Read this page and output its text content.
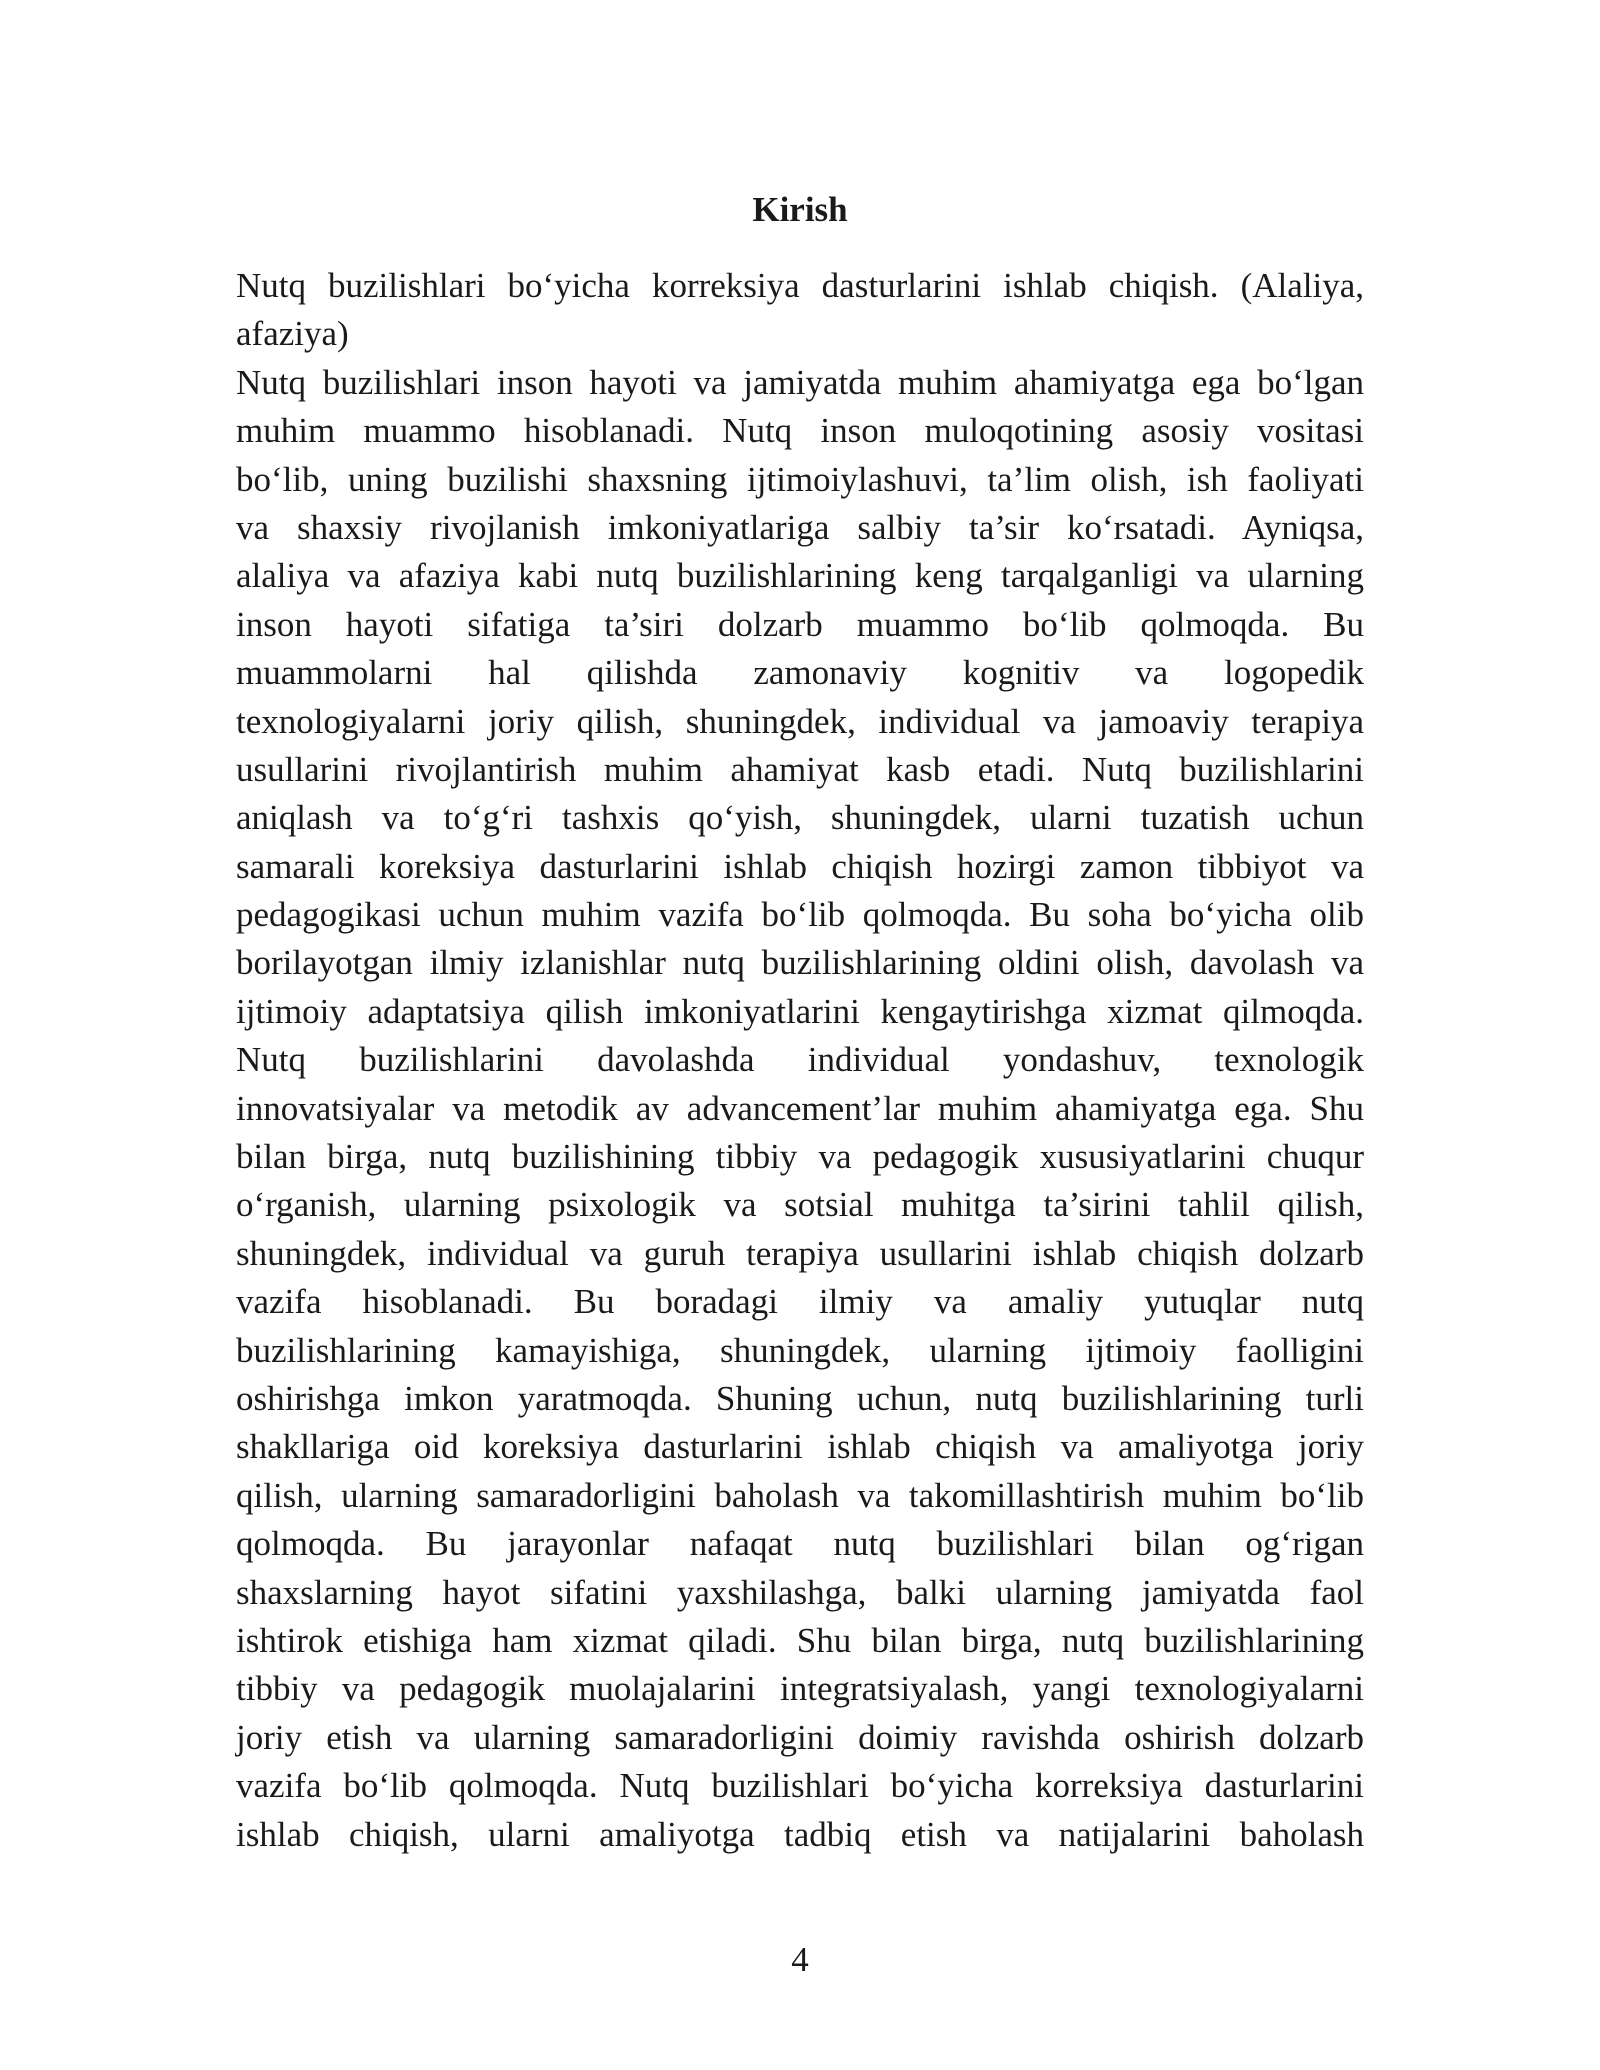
Kirish
Nutq buzilishlari bo‘yicha korreksiya dasturlarini ishlab chiqish. (Alaliya,
afaziya)
Nutq buzilishlari inson hayoti va jamiyatda muhim ahamiyatga ega bo‘lgan
muhim muammo hisoblanadi. Nutq inson muloqotining asosiy vositasi
bo‘lib, uning buzilishi shaxsning ijtimoiylashuvi, ta’lim olish, ish faoliyati
va shaxsiy rivojlanish imkoniyatlariga salbiy ta’sir ko‘rsatadi. Ayniqsa,
alaliya va afaziya kabi nutq buzilishlarining keng tarqalganligi va ularning
inson hayoti sifatiga ta’siri dolzarb muammo bo‘lib qolmoqda. Bu
muammolarni hal qilishda zamonaviy kognitiv va logopedik
texnologiyalarni joriy qilish, shuningdek, individual va jamoaviy terapiya
usullarini rivojlantirish muhim ahamiyat kasb etadi. Nutq buzilishlarini
aniqlash va to‘g‘ri tashxis qo‘yish, shuningdek, ularni tuzatish uchun
samarali koreksiya dasturlarini ishlab chiqish hozirgi zamon tibbiyot va
pedagogikasi uchun muhim vazifa bo‘lib qolmoqda. Bu soha bo‘yicha olib
borilayotgan ilmiy izlanishlar nutq buzilishlarining oldini olish, davolash va
ijtimoiy adaptatsiya qilish imkoniyatlarini kengaytirishga xizmat qilmoqda.
Nutq buzilishlarini davolashda individual yondashuv, texnologik
innovatsiyalar va metodik av advancement’lar muhim ahamiyatga ega. Shu
bilan birga, nutq buzilishining tibbiy va pedagogik xususiyatlarini chuqur
o‘rganish, ularning psixologik va sotsial muhitga ta’sirini tahlil qilish,
shuningdek, individual va guruh terapiya usullarini ishlab chiqish dolzarb
vazifa hisoblanadi. Bu boradagi ilmiy va amaliy yutuqlar nutq
buzilishlarining kamayishiga, shuningdek, ularning ijtimoiy faolligini
oshirishga imkon yaratmoqda. Shuning uchun, nutq buzilishlarining turli
shakllariga oid koreksiya dasturlarini ishlab chiqish va amaliyotga joriy
qilish, ularning samaradorligini baholash va takomillashtirish muhim bo‘lib
qolmoqda. Bu jarayonlar nafaqat nutq buzilishlari bilan og‘rigan
shaxslarning hayot sifatini yaxshilashga, balki ularning jamiyatda faol
ishtirok etishiga ham xizmat qiladi. Shu bilan birga, nutq buzilishlarining
tibbiy va pedagogik muolajalarini integratsiyalash, yangi texnologiyalarni
joriy etish va ularning samaradorligini doimiy ravishda oshirish dolzarb
vazifa bo‘lib qolmoqda. Nutq buzilishlari bo‘yicha korreksiya dasturlarini
ishlab chiqish, ularni amaliyotga tadbiq etish va natijalarini baholash
4
